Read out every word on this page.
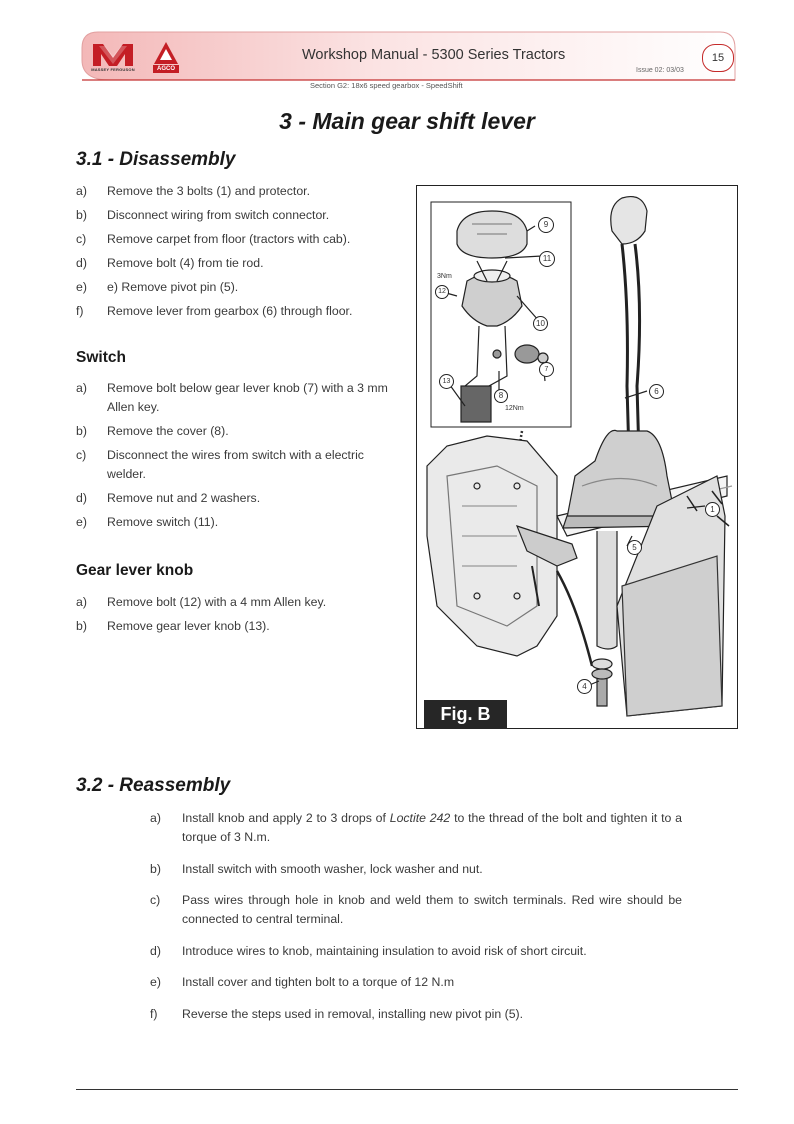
MASSEY FERGUSON	AGCO
Workshop Manual - 5300 Series Tractors
Issue 02: 03/03
Section G2: 18x6 speed gearbox - SpeedShift
15
3 - Main gear shift lever
3.1 - Disassembly
a) Remove the 3 bolts (1) and protector.
b) Disconnect wiring from switch connector.
c) Remove carpet from floor (tractors with cab).
d) Remove bolt (4) from tie rod.
e) e) Remove pivot pin (5).
f) Remove lever from gearbox (6) through floor.
Switch
a) Remove bolt below gear lever knob (7) with a 3 mm Allen key.
b) Remove the cover (8).
c) Disconnect the wires from switch with a electric welder.
d) Remove nut and 2 washers.
e) Remove switch (11).
Gear lever knob
a) Remove bolt (12) with a 4 mm Allen key.
b) Remove gear lever knob (13).
9
11
3Nm
12
10
13
8
7
12Nm
6
1
5
4
Fig. B
3.2 - Reassembly
a) Install knob and apply 2 to 3 drops of Loctite 242 to the thread of the bolt and tighten it to a torque of 3 N.m.
b) Install switch with smooth washer, lock washer and nut.
c) Pass wires through hole in knob and weld them to switch terminals. Red wire should be connected to central terminal.
d) Introduce wires to knob, maintaining insulation to avoid risk of short circuit.
e) Install cover and tighten bolt to a torque of 12 N.m
f) Reverse the steps used in removal, installing new pivot pin (5).
